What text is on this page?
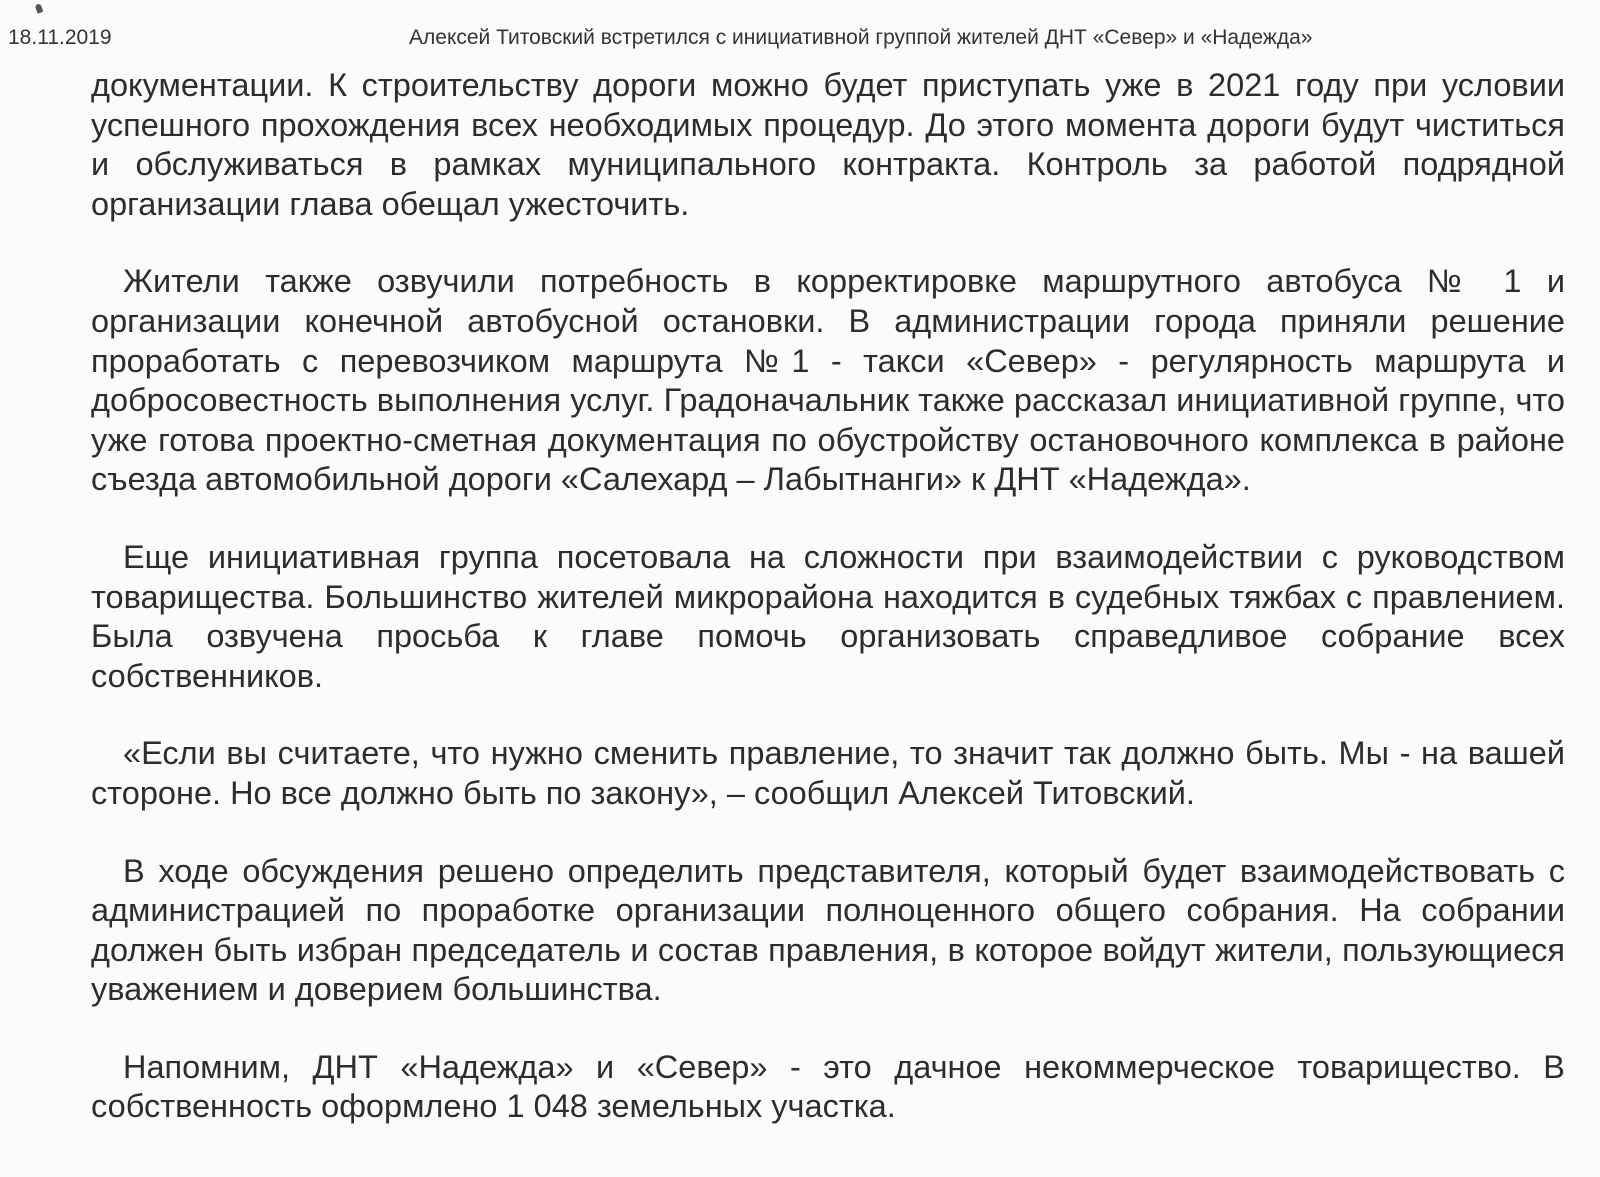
18.11.2019	Алексей Титовский встретился с инициативной группой жителей ДНТ «Север» и «Надежда»

документации. К строительству дороги можно будет приступать уже в 2021 году при условии успешного прохождения всех необходимых процедур. До этого момента дороги будут чиститься и обслуживаться в рамках муниципального контракта. Контроль за работой подрядной организации глава обещал ужесточить.

Жители также озвучили потребность в корректировке маршрутного автобуса № 1 и организации конечной автобусной остановки. В администрации города приняли решение проработать с перевозчиком маршрута №1 - такси «Север» - регулярность маршрута и добросовестность выполнения услуг. Градоначальник также рассказал инициативной группе, что уже готова проектно-сметная документация по обустройству остановочного комплекса в районе съезда автомобильной дороги «Салехард – Лабытнанги» к ДНТ «Надежда».

Еще инициативная группа посетовала на сложности при взаимодействии с руководством товарищества. Большинство жителей микрорайона находится в судебных тяжбах с правлением. Была озвучена просьба к главе помочь организовать справедливое собрание всех собственников.

«Если вы считаете, что нужно сменить правление, то значит так должно быть. Мы - на вашей стороне. Но все должно быть по закону», – сообщил Алексей Титовский.

В ходе обсуждения решено определить представителя, который будет взаимодействовать с администрацией по проработке организации полноценного общего собрания. На собрании должен быть избран председатель и состав правления, в которое войдут жители, пользующиеся уважением и доверием большинства.

Напомним, ДНТ «Надежда» и «Север» - это дачное некоммерческое товарищество. В собственность оформлено 1 048 земельных участка.
